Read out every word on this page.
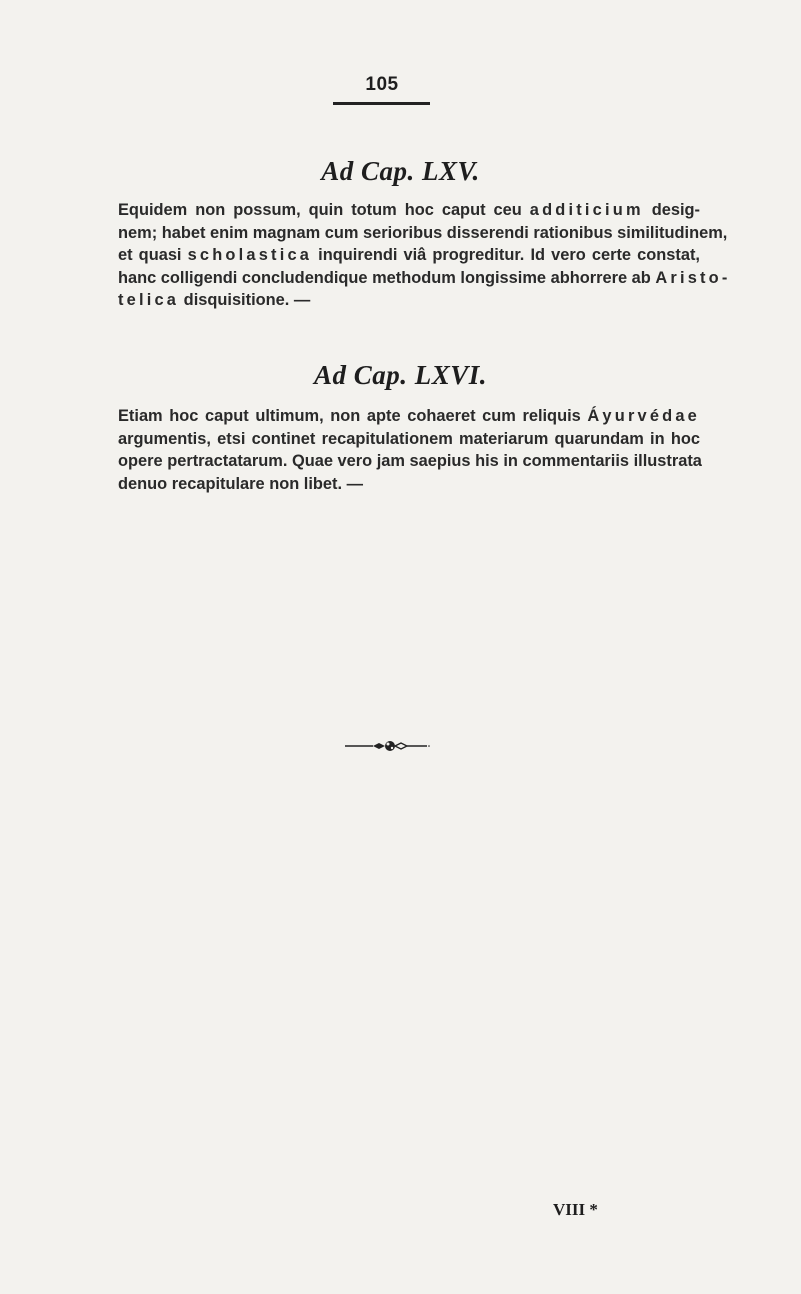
105
Ad Cap. LXV.
Equidem non possum, quin totum hoc caput ceu additicium desig-
nem; habet enim magnam cum serioribus disserendi rationibus similitudinem,
et quasi scholastica inquirendi viâ progreditur. Id vero certe constat,
hanc colligendi concludendique methodum longissime abhorrere ab Aristo-
telica disquisitione. —
Ad Cap. LXVI.
Etiam hoc caput ultimum, non apte cohaeret cum reliquis Áyurvédae
argumentis, etsi continet recapitulationem materiarum quarundam in hoc
opere pertractatarum. Quae vero jam saepius his in commentariis illustrata
denuo recapitulare non libet. —
VIII *
